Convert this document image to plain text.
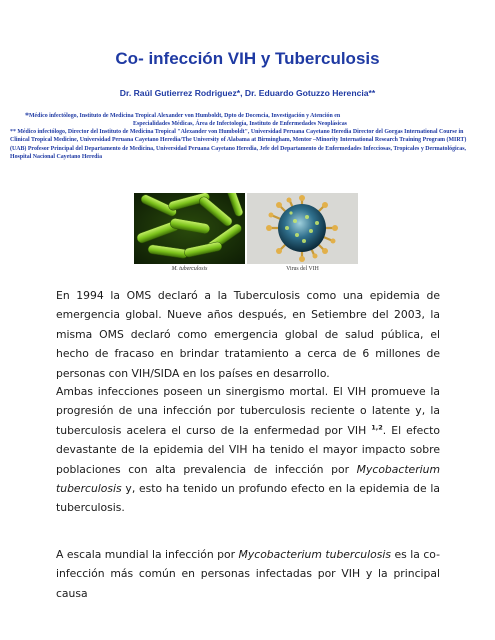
Co- infección VIH y Tuberculosis
Dr. Raúl Gutierrez Rodriguez*, Dr. Eduardo Gotuzzo Herencia**
*Médico infectólogo, Instituto de Medicina Tropical Alexander von Humboldt, Dpto de Docencia, Investigación y Atención en
Especialidades Médicas, Área de Infectología, Instituto de Enfermedades Neoplásicas
** Médico infectólogo, Director del Instituto de Medicina Tropical "Alexander von Humboldt", Universidad Peruana Cayetano Heredia Director del Gorgas International Course in Clinical Tropical Medicine, Universidad Peruana Cayetano Heredia/The University of Alabama at Birmingham, Mentor –Minority International Research Training Program (MIRT) (UAB) Profesor Principal del Departamento de Medicina, Universidad Peruana Cayetano Heredia, Jefe del Departamento de Enfermedades Infecciosas, Tropicales y Dermatológicas, Hospital Nacional Cayetano Heredia
M. tuberculosis	Virus del VIH

En 1994 la OMS declaró a la Tuberculosis como una epidemia de emergencia global. Nueve años después, en Setiembre del 2003, la misma OMS declaró como emergencia global de salud pública, el hecho de fracaso en brindar tratamiento a cerca de 6 millones de personas con VIH/SIDA en los países en desarrollo.

Ambas infecciones poseen un sinergismo mortal. El VIH promueve la progresión de una infección por tuberculosis reciente o latente y, la tuberculosis acelera el curso de la enfermedad por VIH $^{1,2}$. El efecto devastante de la epidemia del VIH ha tenido el mayor impacto sobre poblaciones con alta prevalencia de infección por Mycobacterium tuberculosis y, esto ha tenido un profundo efecto en la epidemia de la tuberculosis.

A escala mundial la infección por Mycobacterium tuberculosis es la co-infección más común en personas infectadas por VIH y la principal causa
